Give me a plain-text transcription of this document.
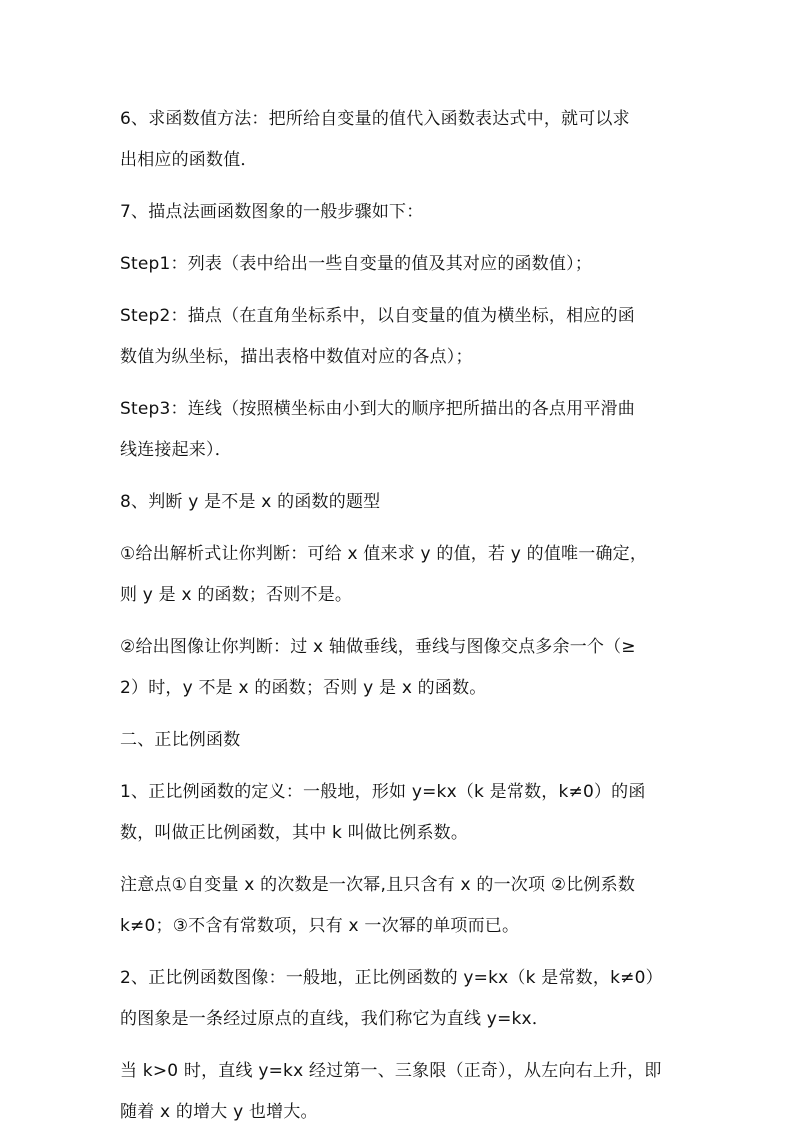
6、求函数值方法：把所给自变量的值代入函数表达式中，就可以求
出相应的函数值．

7、描点法画函数图象的一般步骤如下：

Step1：列表（表中给出一些自变量的值及其对应的函数值）；

Step2：描点（在直角坐标系中，以自变量的值为横坐标，相应的函
数值为纵坐标，描出表格中数值对应的各点）；

Step3：连线（按照横坐标由小到大的顺序把所描出的各点用平滑曲
线连接起来）．

8、判断 y 是不是 x 的函数的题型

①给出解析式让你判断：可给 x 值来求 y 的值，若 y 的值唯一确定，
则 y 是 x 的函数；否则不是。

②给出图像让你判断：过 x 轴做垂线，垂线与图像交点多余一个（≥
2）时，y 不是 x 的函数；否则 y 是 x 的函数。

二、正比例函数

1、正比例函数的定义：一般地，形如 y=kx（k 是常数，k≠0）的函
数，叫做正比例函数，其中 k 叫做比例系数。

注意点①自变量 x 的次数是一次幂,且只含有 x 的一次项 ②比例系数
k≠0；③不含有常数项，只有 x 一次幂的单项而已。

2、正比例函数图像：一般地，正比例函数的 y=kx（k 是常数，k≠0）
的图象是一条经过原点的直线，我们称它为直线 y=kx．

当 k>0 时，直线 y=kx 经过第一、三象限（正奇），从左向右上升，即
随着 x 的增大 y 也增大。
